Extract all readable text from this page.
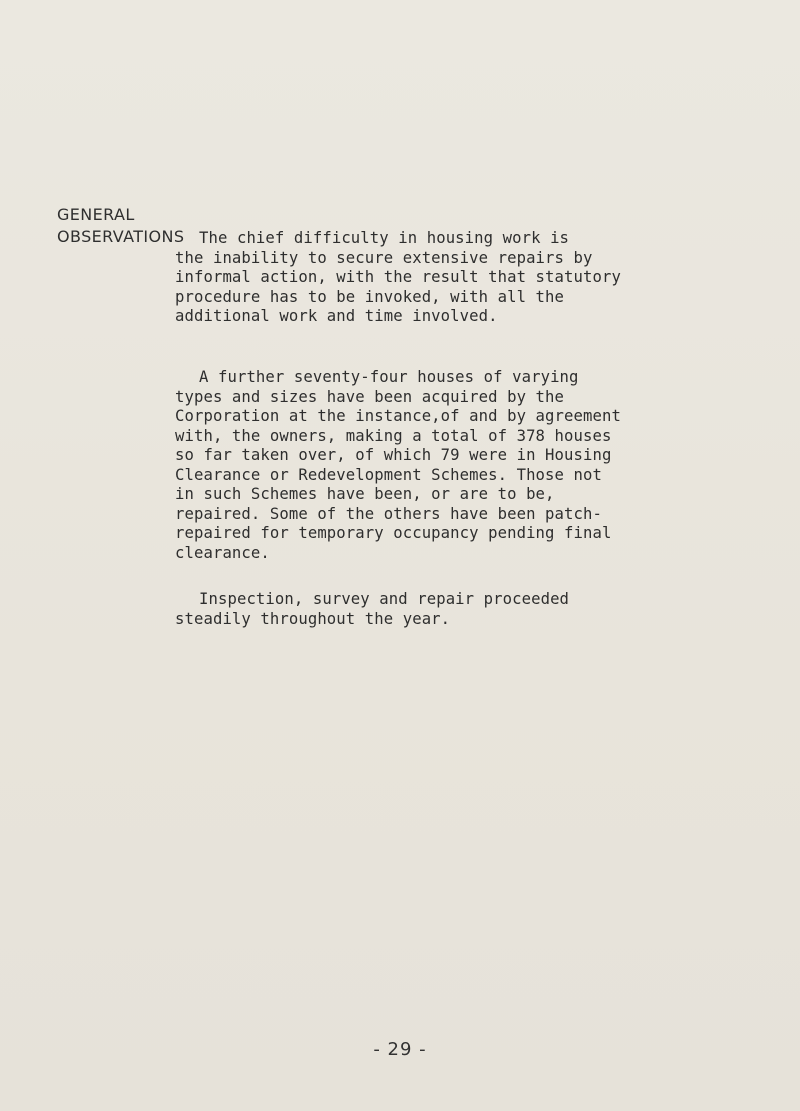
GENERAL
OBSERVATIONS The chief difficulty in housing work is
the inability to secure extensive repairs by
informal action, with the result that statutory
procedure has to be invoked, with all the
additional work and time involved.
A further seventy-four houses of varying
types and sizes have been acquired by the
Corporation at the instance,of and by agreement
with, the owners, making a total of 378 houses
so far taken over, of which 79 were in Housing
Clearance or Redevelopment Schemes. Those not
in such Schemes have been, or are to be,
repaired. Some of the others have been patch-
repaired for temporary occupancy pending final
clearance.
Inspection, survey and repair proceeded
steadily throughout the year.
- 29 -
